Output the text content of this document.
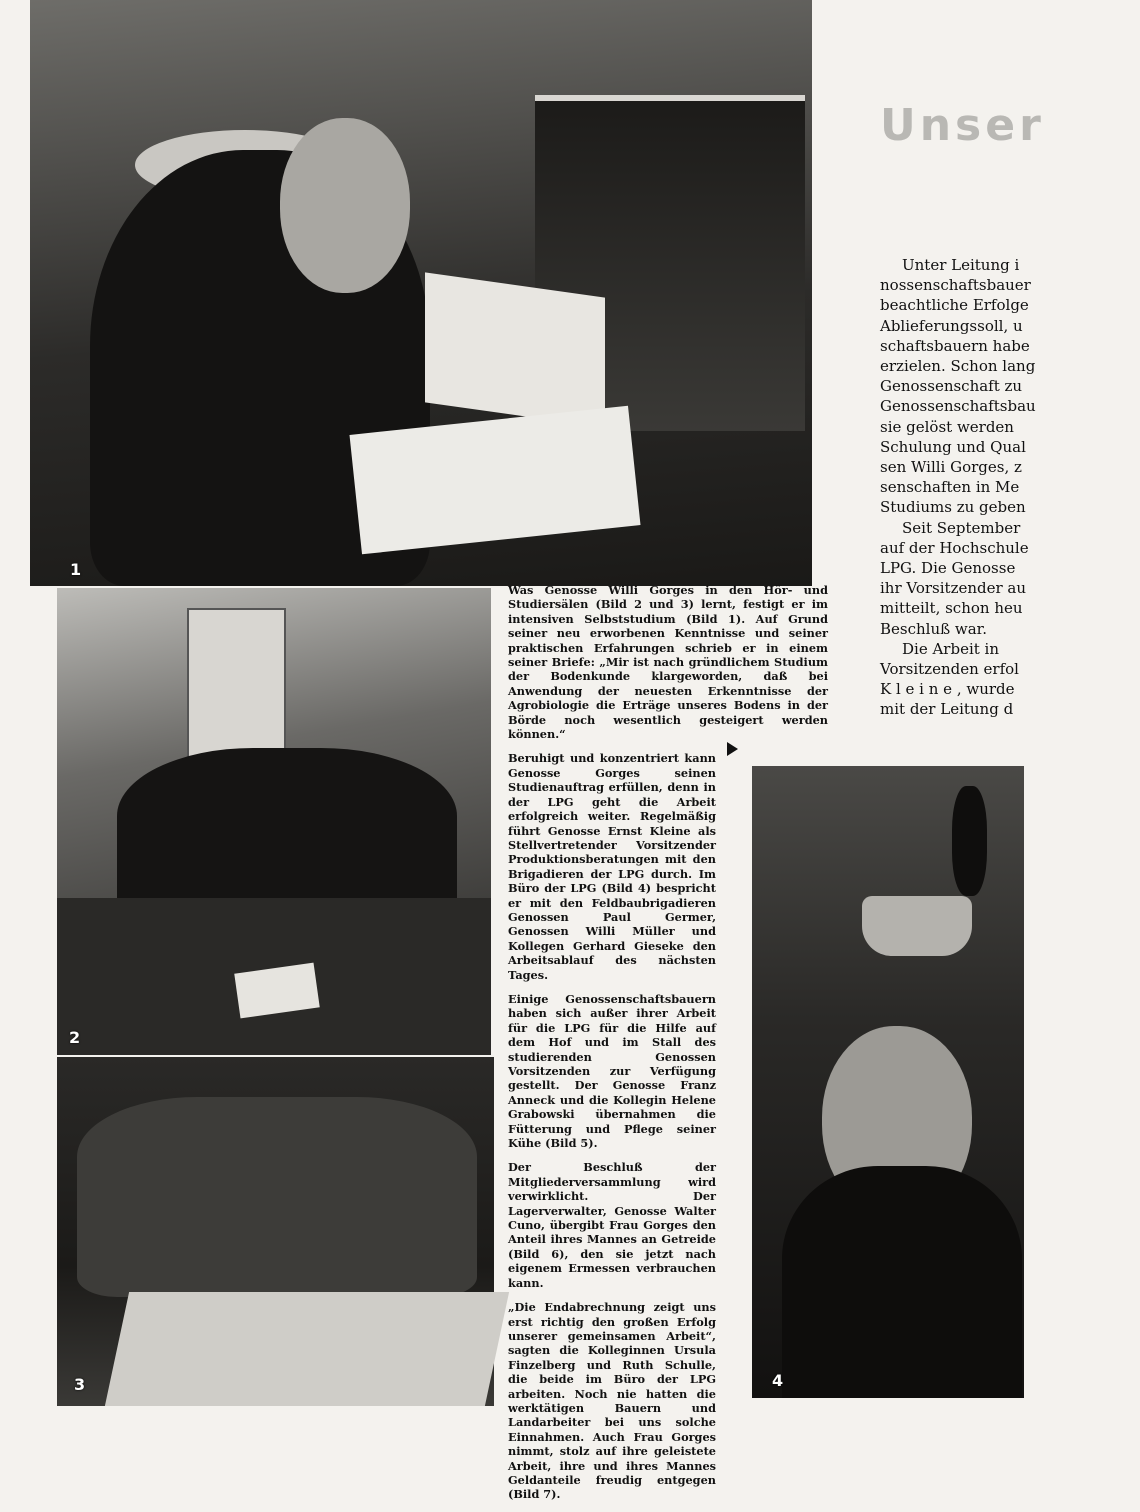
1
Unser
Unter Leitung i
nossenschaftsbauer
beachtliche Erfolge
Ablieferungssoll, u
schaftsbauern habe
erzielen. Schon lang
Genossenschaft zu
Genossenschaftsbau
sie gelöst werden
Schulung und Qual
sen Willi Gorges, z
senschaften in Me
Studiums zu geben
Seit September
auf der Hochschule
LPG. Die Genosse
ihr Vorsitzender au
mitteilt, schon heu
Beschluß war.
Die Arbeit in
Vorsitzenden erfol
K l e i n e , wurde
mit der Leitung d
2
3

Was Genosse Willi Gorges in den Hör- und Studiersälen (Bild 2 und 3) lernt, festigt er im intensiven Selbststudium (Bild 1). Auf Grund seiner neu erworbenen Kenntnisse und seiner praktischen Erfahrungen schrieb er in einem seiner Briefe: „Mir ist nach gründlichem Studium der Bodenkunde klargeworden, daß bei Anwendung der neuesten Erkenntnisse der Agrobiologie die Erträge unseres Bodens in der Börde noch wesentlich gesteigert werden können.“

Beruhigt und konzentriert kann Genosse Gorges seinen Studienauftrag erfüllen, denn in der LPG geht die Arbeit erfolgreich weiter. Regelmäßig führt Genosse Ernst Kleine als Stellvertretender Vorsitzender Produktionsberatungen mit den Brigadieren der LPG durch. Im Büro der LPG (Bild 4) bespricht er mit den Feldbaubrigadieren Genossen Paul Germer, Genossen Willi Müller und Kollegen Gerhard Gieseke den Arbeitsablauf des nächsten Tages.

Einige Genossenschaftsbauern haben sich außer ihrer Arbeit für die LPG für die Hilfe auf dem Hof und im Stall des studierenden Genossen Vorsitzenden zur Verfügung gestellt. Der Genosse Franz Anneck und die Kollegin Helene Grabowski übernahmen die Fütterung und Pflege seiner Kühe (Bild 5).

Der Beschluß der Mitgliederversammlung wird verwirklicht. Der Lagerverwalter, Genosse Walter Cuno, übergibt Frau Gorges den Anteil ihres Mannes an Getreide (Bild 6), den sie jetzt nach eigenem Ermessen verbrauchen kann.

„Die Endabrechnung zeigt uns erst richtig den großen Erfolg unserer gemeinsamen Arbeit“, sagten die Kolleginnen Ursula Finzelberg und Ruth Schulle, die beide im Büro der LPG arbeiten. Noch nie hatten die werktätigen Bauern und Landarbeiter bei uns solche Einnahmen. Auch Frau Gorges nimmt, stolz auf ihre geleistete Arbeit, ihre und ihres Mannes Geldanteile freudig entgegen (Bild 7).

4
